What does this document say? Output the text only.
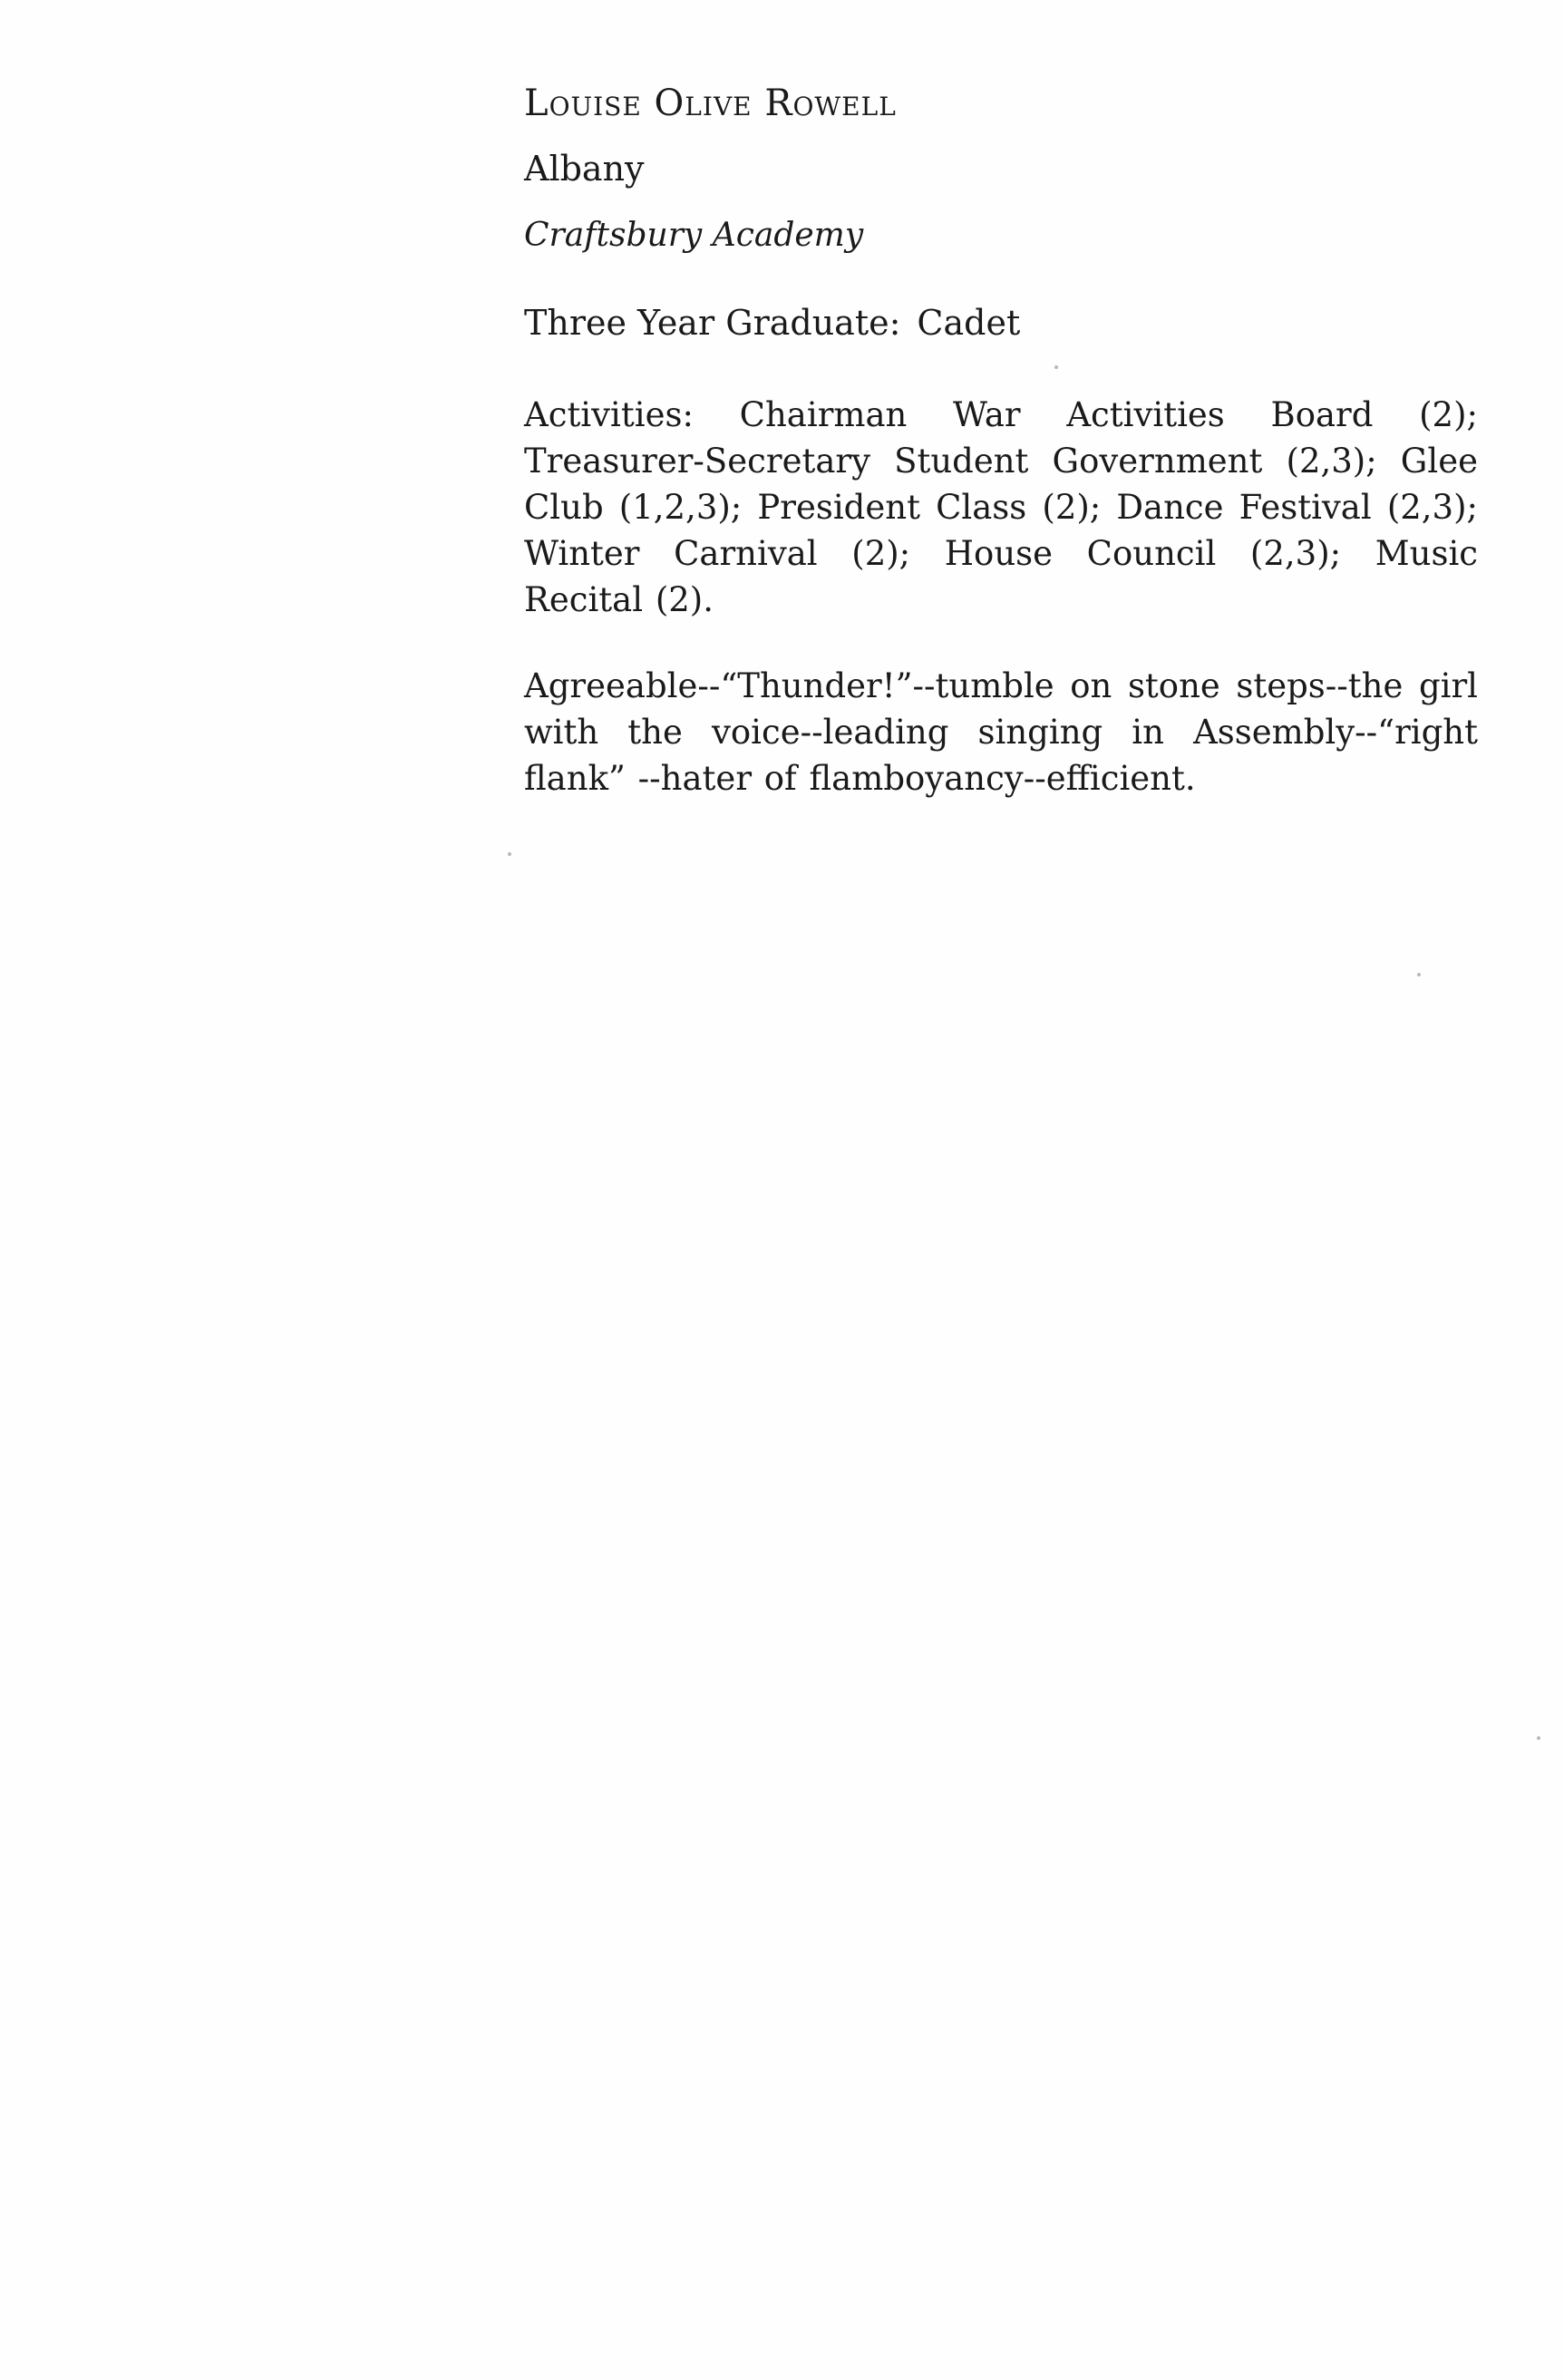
Louise Olive Rowell
Albany
Craftsbury Academy
Three Year Graduate: Cadet

Activities: Chairman War Activities Board (2); Treasurer-Secretary Student Government (2,3); Glee Club (1,2,3); President Class (2); Dance Festival (2,3); Winter Carnival (2); House Council (2,3); Music Recital (2).

Agreeable--“Thunder!”--tumble on stone steps--the girl with the voice--leading singing in Assembly--“right flank” --hater of flamboyancy--efficient.
